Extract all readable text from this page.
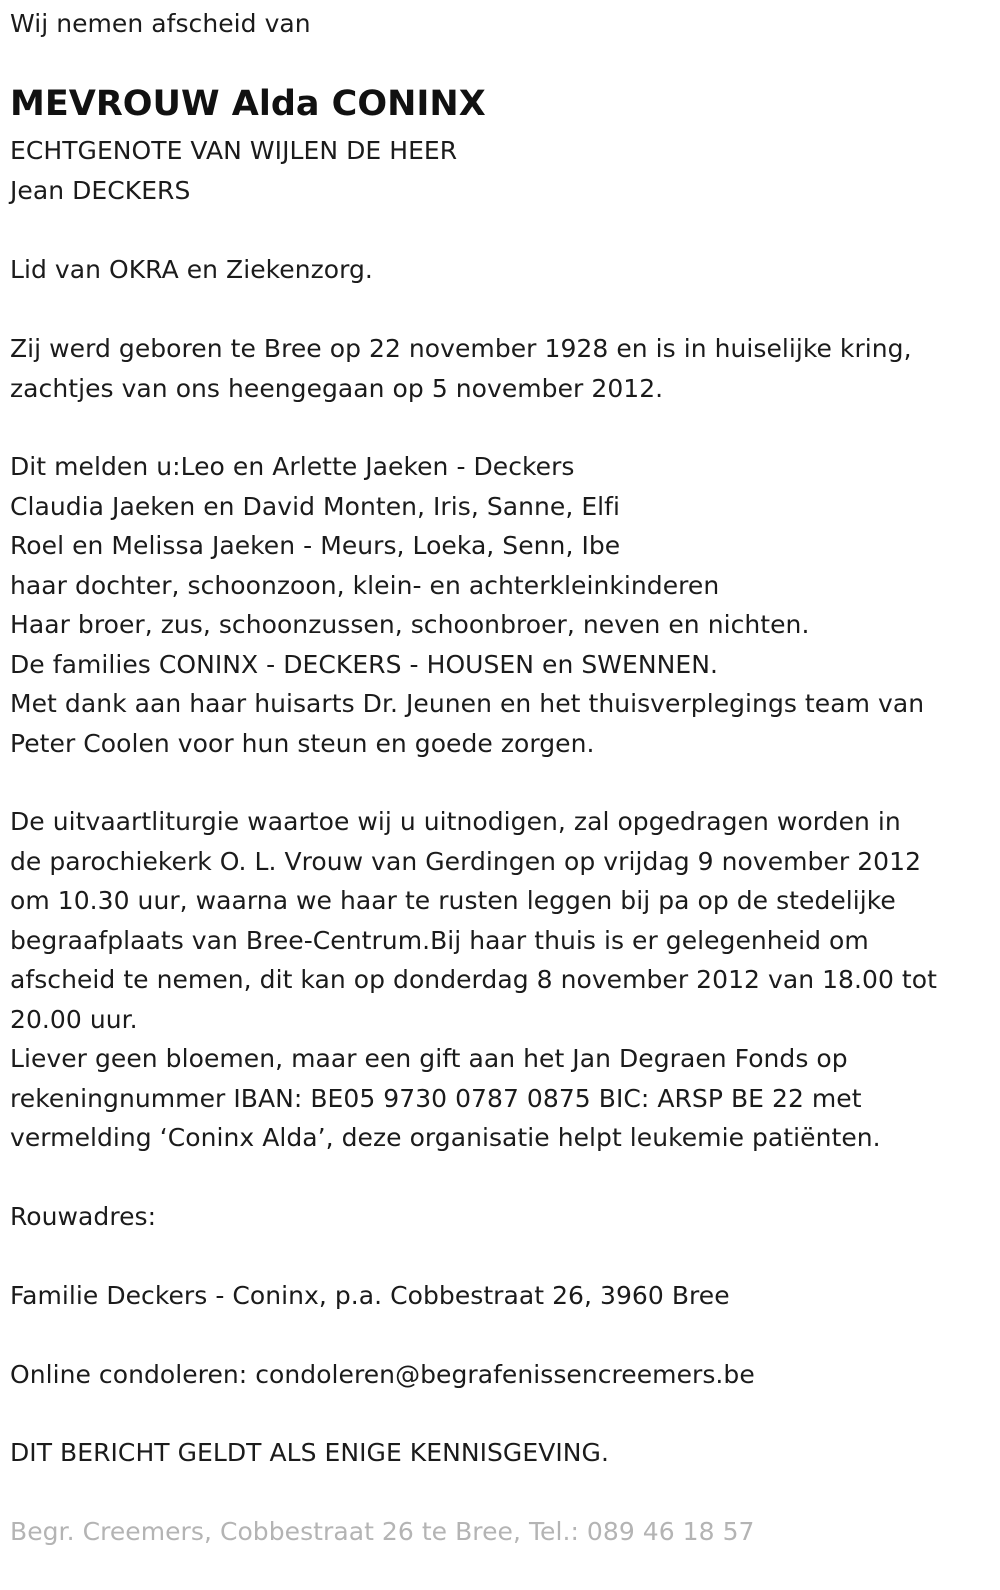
Wij nemen afscheid van
MEVROUW Alda CONINX
ECHTGENOTE VAN WIJLEN DE HEER
Jean DECKERS
Lid van OKRA en Ziekenzorg.
Zij werd geboren te Bree op 22 november 1928 en is in huiselijke kring,
zachtjes van ons heengegaan op 5 november 2012.
Dit melden u:Leo en Arlette Jaeken - Deckers
Claudia Jaeken en David Monten, Iris, Sanne, Elfi
Roel en Melissa Jaeken - Meurs, Loeka, Senn, Ibe
haar dochter, schoonzoon, klein- en achterkleinkinderen
Haar broer, zus, schoonzussen, schoonbroer, neven en nichten.
De families CONINX - DECKERS - HOUSEN en SWENNEN.
Met dank aan haar huisarts Dr. Jeunen en het thuisverplegings team van
Peter Coolen voor hun steun en goede zorgen.
De uitvaartliturgie waartoe wij u uitnodigen, zal opgedragen worden in
de parochiekerk O. L. Vrouw van Gerdingen op vrijdag 9 november 2012
om 10.30 uur, waarna we haar te rusten leggen bij pa op de stedelijke
begraafplaats van Bree-Centrum.Bij haar thuis is er gelegenheid om
afscheid te nemen, dit kan op donderdag 8 november 2012 van 18.00 tot
20.00 uur.
Liever geen bloemen, maar een gift aan het Jan Degraen Fonds op
rekeningnummer IBAN: BE05 9730 0787 0875 BIC: ARSP BE 22 met
vermelding ‘Coninx Alda’, deze organisatie helpt leukemie patiënten.
Rouwadres:
Familie Deckers - Coninx, p.a. Cobbestraat 26, 3960 Bree
Online condoleren: condoleren@begrafenissencreemers.be
DIT BERICHT GELDT ALS ENIGE KENNISGEVING.
Begr. Creemers, Cobbestraat 26 te Bree, Tel.: 089 46 18 57
